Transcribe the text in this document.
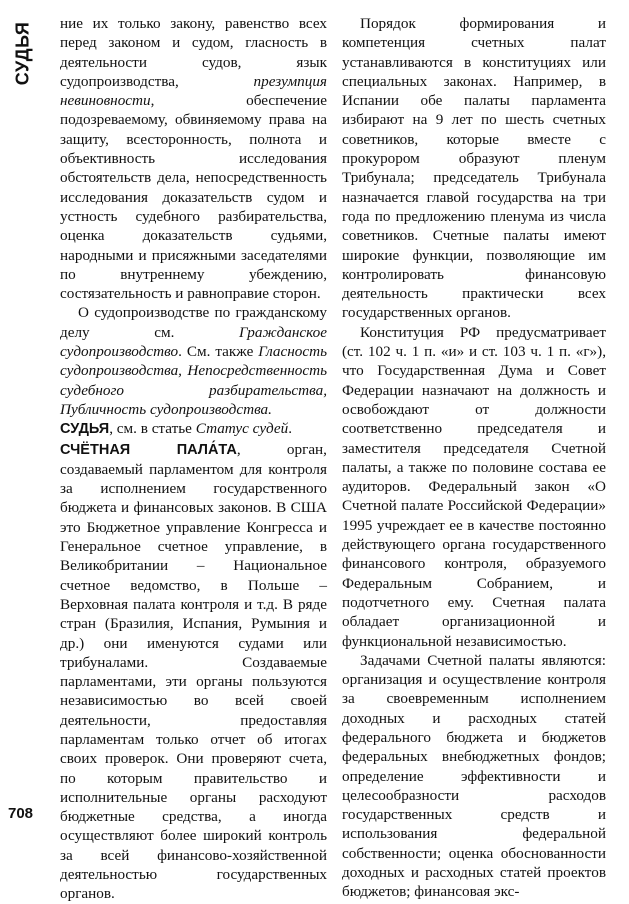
СУДЬЯ ние их только закону, равенство всех перед законом и судом, гласность в деятельности судов, язык судопроизводства, презумпция невиновности, обеспечение подозреваемому, обвиняемому права на защиту, всесторонность, полнота и объективность исследования обстоятельств дела, непосредственность исследования доказательств судом и устность судебного разбирательства, оценка доказательств судьями, народными и присяжными заседателями по внутреннему убеждению, состязательность и равноправие сторон.

О судопроизводстве по гражданскому делу см. Гражданское судопроизводство. См. также Гласность судопроизводства, Непосредственность судебного разбирательства, Публичность судопроизводства.

СУДЬЯ, см. в статье Статус судей.

СЧЁТНАЯ ПАЛА́ТА, орган, создаваемый парламентом для контроля за исполнением государственного бюджета и финансовых законов. В США это Бюджетное управление Конгресса и Генеральное счетное управление, в Великобритании – Национальное счетное ведомство, в Польше – Верховная палата контроля и т.д. В ряде стран (Бразилия, Испания, Румыния и др.) они именуются судами или трибуналами. Создаваемые парламентами, эти органы пользуются независимостью во всей своей деятельности, предоставляя парламентам только отчет об итогах своих проверок. Они проверяют счета, по которым правительство и исполнительные органы расходуют бюджетные средства, а иногда осуществляют более широкий контроль за всей финансово-хозяйственной деятельностью государственных органов.

Порядок формирования и компетенция счетных палат устанавливаются в конституциях или специальных законах. Например, в Испании обе палаты парламента избирают на 9 лет по шесть счетных советников, которые вместе с прокурором образуют пленум Трибунала; председатель Трибунала назначается главой государства на три года по предложению пленума из числа советников. Счетные палаты имеют широкие функции, позволяющие им контролировать финансовую деятельность практически всех государственных органов.

Конституция РФ предусматривает (ст. 102 ч. 1 п. «и» и ст. 103 ч. 1 п. «г»), что Государственная Дума и Совет Федерации назначают на должность и освобождают от должности соответственно председателя и заместителя председателя Счетной палаты, а также по половине состава ее аудиторов. Федеральный закон «О Счетной палате Российской Федерации» 1995 учреждает ее в качестве постоянно действующего органа государственного финансового контроля, образуемого Федеральным Собранием, и подотчетного ему. Счетная палата обладает организационной и функциональной независимостью.

Задачами Счетной палаты являются: организация и осуществление контроля за своевременным исполнением доходных и расходных статей федерального бюджета и бюджетов федеральных внебюджетных фондов; определение эффективности и целесообразности расходов государственных средств и использования федеральной собственности; оценка обоснованности доходных и расходных статей проектов бюджетов; финансовая экс-

708
